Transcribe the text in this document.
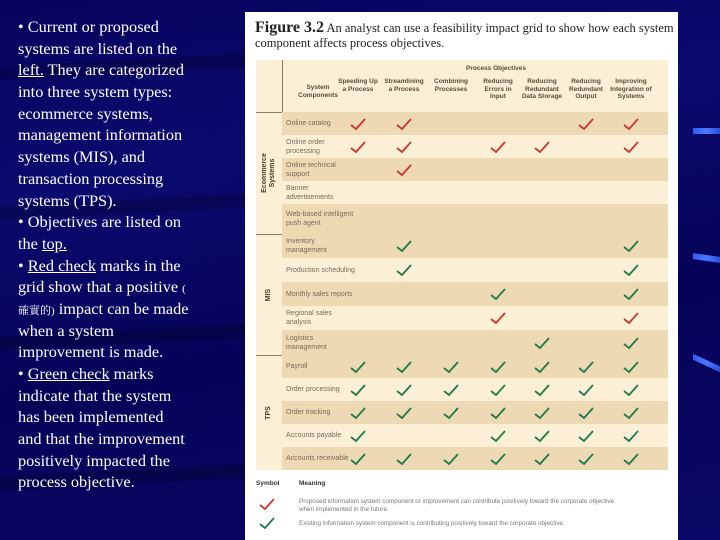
• Current or proposed
systems are listed on the
left. They are categorized
into three system types:
ecommerce systems,
management information
systems (MIS), and
transaction processing
systems (TPS).
• Objectives are listed on
the top.
• Red check marks in the
grid show that a positive (
確實的) impact can be made
when a system
improvement is made.
• Green check marks
indicate that the system
has been implemented
and that the improvement
positively impacted the
process objective.
Figure 3.2 An analyst can use a feasibility impact grid to show how each system component affects process objectives.
Process Objectives
System Components
Speeding Up a Process
Streamlining a Process
Combining Processes
Reducing Errors in Input
Reducing Redundant Data Storage
Reducing Redundant Output
Improving Integration of Systems
Online catalog
Online order processing
Online technical support
Banner advertisements
Web-based intelligent push agent
Ecommerce Systems
Inventory management
Production scheduling
Monthly sales reports
Regional sales analysis
Logistics management
MIS
Payroll
Order processing
Order tracking
Accounts payable
Accounts receivable
TPS
Symbol	Meaning
Proposed information system component or improvement can contribute positively toward the corporate objective when implemented in the future.
Existing information system component is contributing positively toward the corporate objective.
